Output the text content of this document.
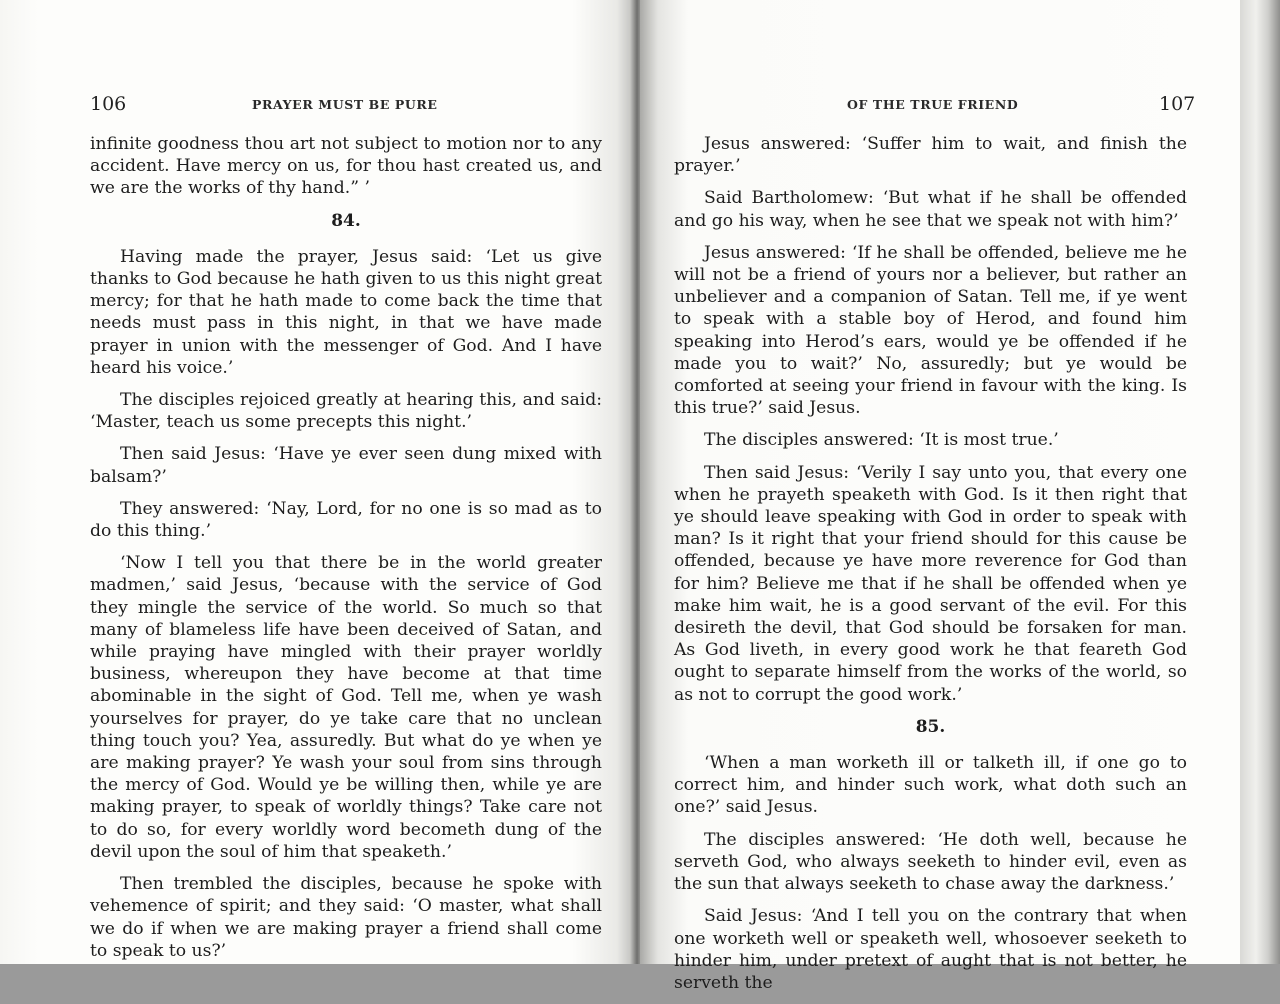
106	PRAYER MUST BE PURE

infinite goodness thou art not subject to motion nor to any accident. Have mercy on us, for thou hast created us, and we are the works of thy hand.” ’

84.

Having made the prayer, Jesus said: ‘Let us give thanks to God because he hath given to us this night great mercy; for that he hath made to come back the time that needs must pass in this night, in that we have made prayer in union with the messenger of God. And I have heard his voice.’

The disciples rejoiced greatly at hearing this, and said: ‘Master, teach us some precepts this night.’

Then said Jesus: ‘Have ye ever seen dung mixed with balsam?’

They answered: ‘Nay, Lord, for no one is so mad as to do this thing.’

‘Now I tell you that there be in the world greater madmen,’ said Jesus, ‘because with the service of God they mingle the service of the world. So much so that many of blameless life have been deceived of Satan, and while praying have mingled with their prayer worldly business, whereupon they have become at that time abominable in the sight of God. Tell me, when ye wash yourselves for prayer, do ye take care that no unclean thing touch you? Yea, assuredly. But what do ye when ye are making prayer? Ye wash your soul from sins through the mercy of God. Would ye be willing then, while ye are making prayer, to speak of worldly things? Take care not to do so, for every worldly word becometh dung of the devil upon the soul of him that speaketh.’

Then trembled the disciples, because he spoke with vehemence of spirit; and they said: ‘O master, what shall we do if when we are making prayer a friend shall come to speak to us?’

OF THE TRUE FRIEND	107

Jesus answered: ‘Suffer him to wait, and finish the prayer.’

Said Bartholomew: ‘But what if he shall be offended and go his way, when he see that we speak not with him?’

Jesus answered: ‘If he shall be offended, believe me he will not be a friend of yours nor a believer, but rather an unbeliever and a companion of Satan. Tell me, if ye went to speak with a stable boy of Herod, and found him speaking into Herod’s ears, would ye be offended if he made you to wait?’ No, assuredly; but ye would be comforted at seeing your friend in favour with the king. Is this true?’ said Jesus.

The disciples answered: ‘It is most true.’

Then said Jesus: ‘Verily I say unto you, that every one when he prayeth speaketh with God. Is it then right that ye should leave speaking with God in order to speak with man? Is it right that your friend should for this cause be offended, because ye have more reverence for God than for him? Believe me that if he shall be offended when ye make him wait, he is a good servant of the evil. For this desireth the devil, that God should be forsaken for man. As God liveth, in every good work he that feareth God ought to separate himself from the works of the world, so as not to corrupt the good work.’

85.

‘When a man worketh ill or talketh ill, if one go to correct him, and hinder such work, what doth such an one?’ said Jesus.

The disciples answered: ‘He doth well, because he serveth God, who always seeketh to hinder evil, even as the sun that always seeketh to chase away the darkness.’

Said Jesus: ‘And I tell you on the contrary that when one worketh well or speaketh well, whosoever seeketh to hinder him, under pretext of aught that is not better, he serveth the
